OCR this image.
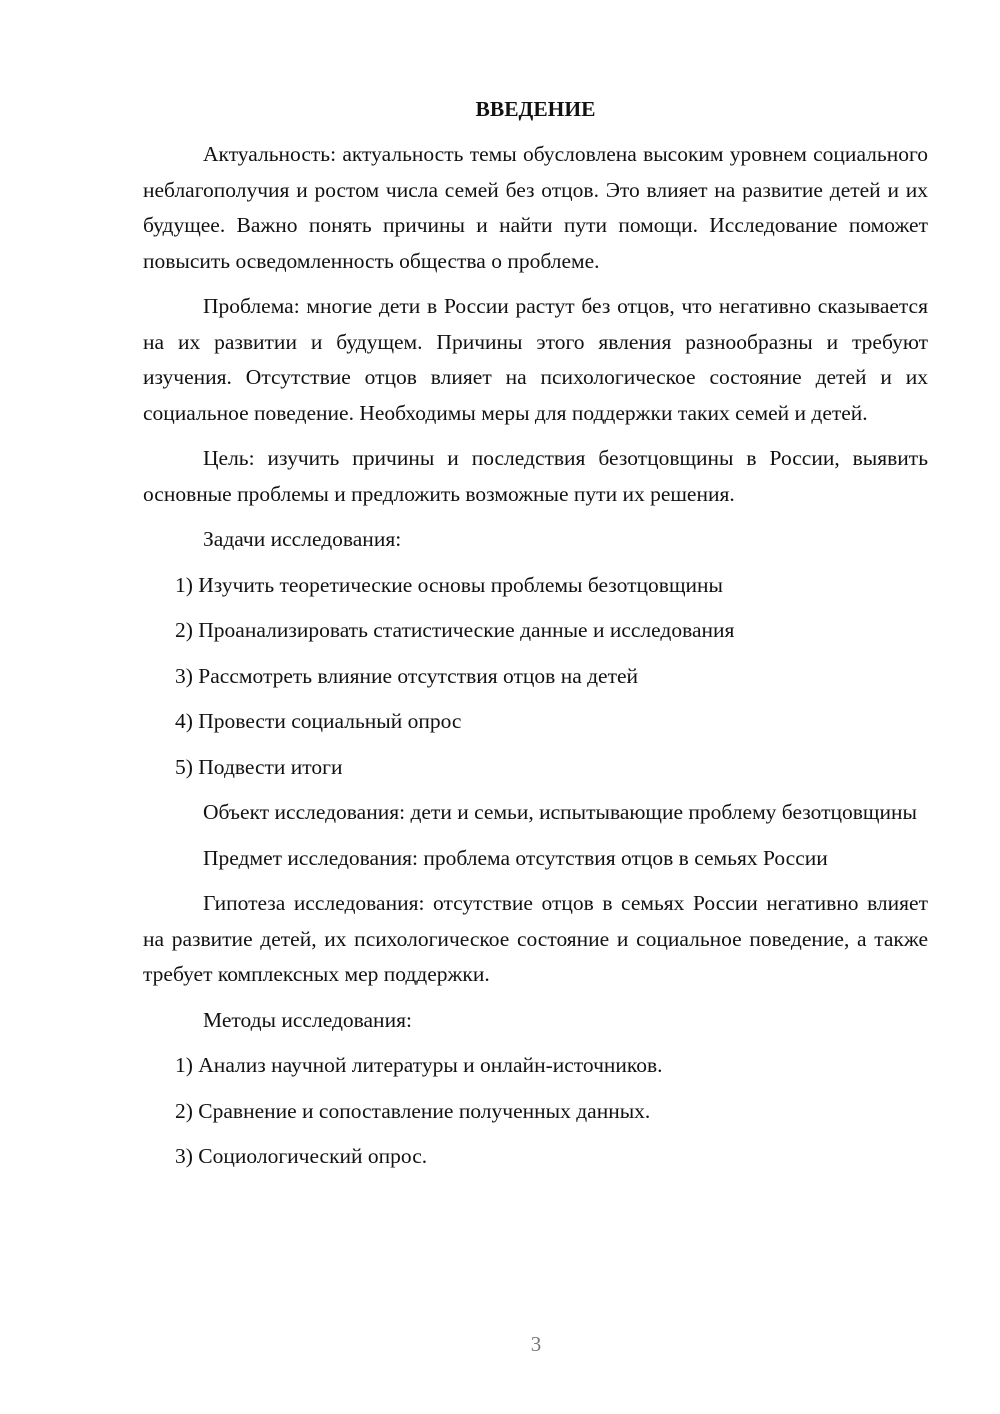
ВВЕДЕНИЕ

Актуальность: актуальность темы обусловлена высоким уровнем социального неблагополучия и ростом числа семей без отцов. Это влияет на развитие детей и их будущее. Важно понять причины и найти пути помощи. Исследование поможет повысить осведомленность общества о проблеме.

Проблема: многие дети в России растут без отцов, что негативно сказывается на их развитии и будущем. Причины этого явления разнообразны и требуют изучения. Отсутствие отцов влияет на психологическое состояние детей и их социальное поведение. Необходимы меры для поддержки таких семей и детей.

Цель: изучить причины и последствия безотцовщины в России, выявить основные проблемы и предложить возможные пути их решения.

Задачи исследования:

1) Изучить теоретические основы проблемы безотцовщины
2) Проанализировать статистические данные и исследования
3) Рассмотреть влияние отсутствия отцов на детей
4) Провести социальный опрос
5) Подвести итоги

Объект исследования: дети и семьи, испытывающие проблему безотцовщины

Предмет исследования: проблема отсутствия отцов в семьях России

Гипотеза исследования: отсутствие отцов в семьях России негативно влияет на развитие детей, их психологическое состояние и социальное поведение, а также требует комплексных мер поддержки.

Методы исследования:

1) Анализ научной литературы и онлайн-источников.
2) Сравнение и сопоставление полученных данных.
3) Социологический опрос.
3
